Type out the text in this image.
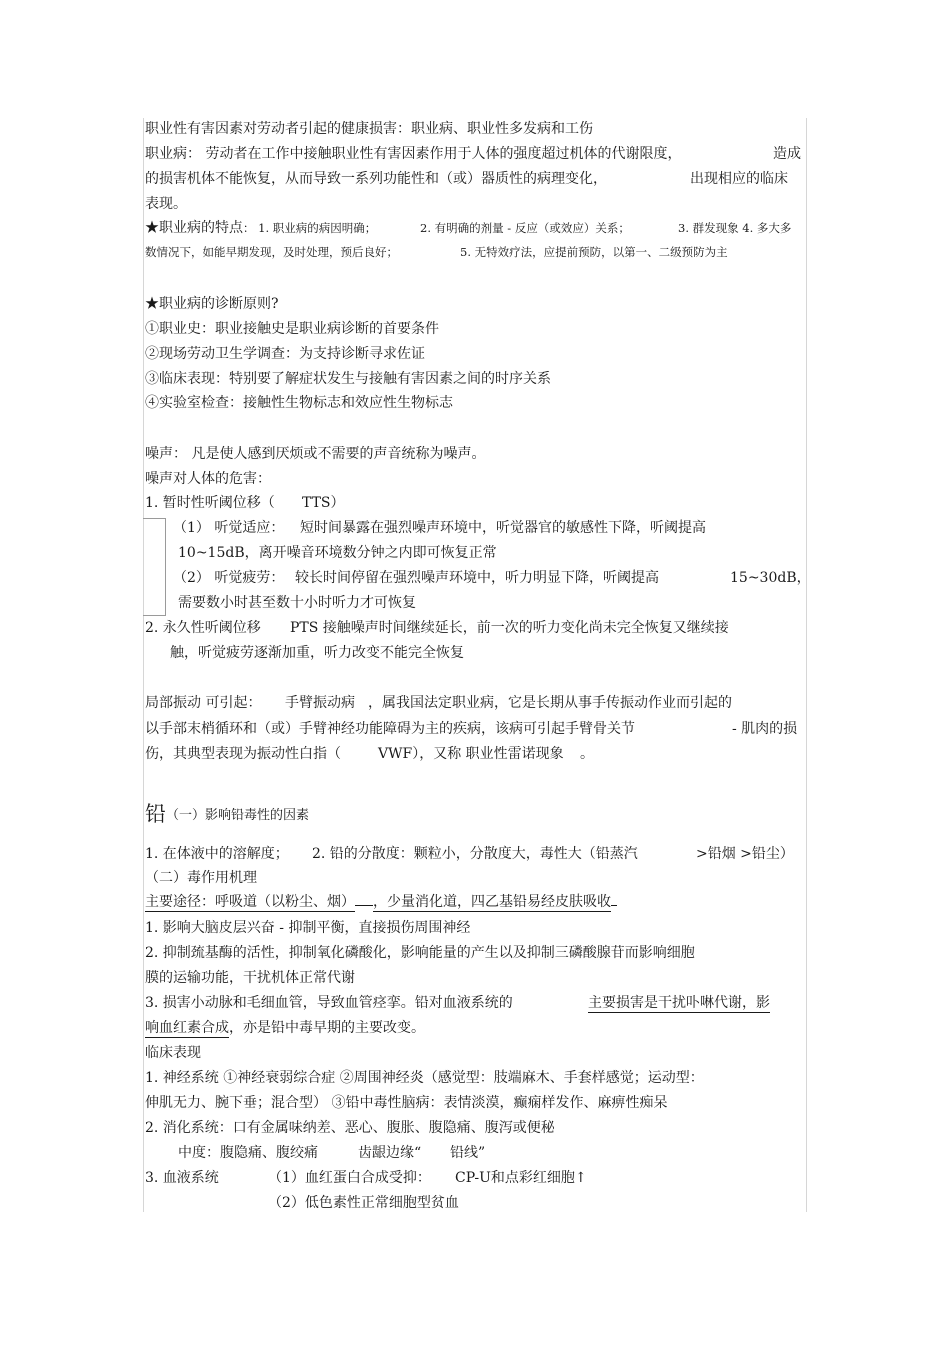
职业性有害因素对劳动者引起的健康损害：职业病、职业性多发病和工伤
职业病： 劳动者在工作中接触职业性有害因素作用于人体的强度超过机体的代谢限度，	造成
的损害机体不能恢复，从而导致一系列功能性和（或）器质性的病理变化，	出现相应的临床
表现。
★职业病的特点： 1. 职业病的病因明确；	2. 有明确的剂量 - 反应（或效应）关系；	3. 群发现象 4. 多大多
数情况下，如能早期发现，及时处理，预后良好；	5. 无特效疗法，应提前预防，以第一、二级预防为主
★职业病的诊断原则?
①职业史：职业接触史是职业病诊断的首要条件
②现场劳动卫生学调查：为支持诊断寻求佐证
③临床表现：特别要了解症状发生与接触有害因素之间的时序关系
④实验室检查：接触性生物标志和效应性生物标志
噪声： 凡是使人感到厌烦或不需要的声音统称为噪声。
噪声对人体的危害：
1. 暂时性听阈位移（ TTS）
（1） 听觉适应： 短时间暴露在强烈噪声环境中，听觉器官的敏感性下降，听阈提高
10~15dB，离开噪音环境数分钟之内即可恢复正常
（2） 听觉疲劳： 较长时间停留在强烈噪声环境中，听力明显下降，听阈提高	15~30dB，
需要数小时甚至数十小时听力才可恢复
2. 永久性听阈位移 PTS 接触噪声时间继续延长，前一次的听力变化尚未完全恢复又继续接
触，听觉疲劳逐渐加重，听力改变不能完全恢复
局部振动 可引起： 手臂振动病 ，属我国法定职业病，它是长期从事手传振动作业而引起的
以手部末梢循环和（或）手臂神经功能障碍为主的疾病，该病可引起手臂骨关节	- 肌肉的损
伤，其典型表现为振动性白指（	VWF），又称 职业性雷诺现象 。
铅（一）影响铅毒性的因素
1. 在体液中的溶解度； 2. 铅的分散度：颗粒小，分散度大，毒性大（铅蒸汽	>铅烟 >铅尘）
（二）毒作用机理
主要途径：呼吸道（以粉尘、烟） ，少量消化道，四乙基铅易经皮肤吸收
1. 影响大脑皮层兴奋 - 抑制平衡，直接损伤周围神经
2. 抑制巯基酶的活性，抑制氧化磷酸化，影响能量的产生以及抑制三磷酸腺苷而影响细胞
膜的运输功能，干扰机体正常代谢
3. 损害小动脉和毛细血管，导致血管痉挛。铅对血液系统的	主要损害是干扰卟啉代谢，影
响血红素合成，亦是铅中毒早期的主要改变。
临床表现
1. 神经系统 ①神经衰弱综合症 ②周围神经炎（感觉型：肢端麻木、手套样感觉；运动型：
伸肌无力、腕下垂；混合型） ③铅中毒性脑病：表情淡漠，癫痫样发作、麻痹性痴呆
2. 消化系统：口有金属味纳差、恶心、腹胀、腹隐痛、腹泻或便秘
中度：腹隐痛、腹绞痛	齿龈边缘“ 铅线”
3. 血液系统	（1）血红蛋白合成受抑： CP-U和点彩红细胞↑
（2）低色素性正常细胞型贫血
